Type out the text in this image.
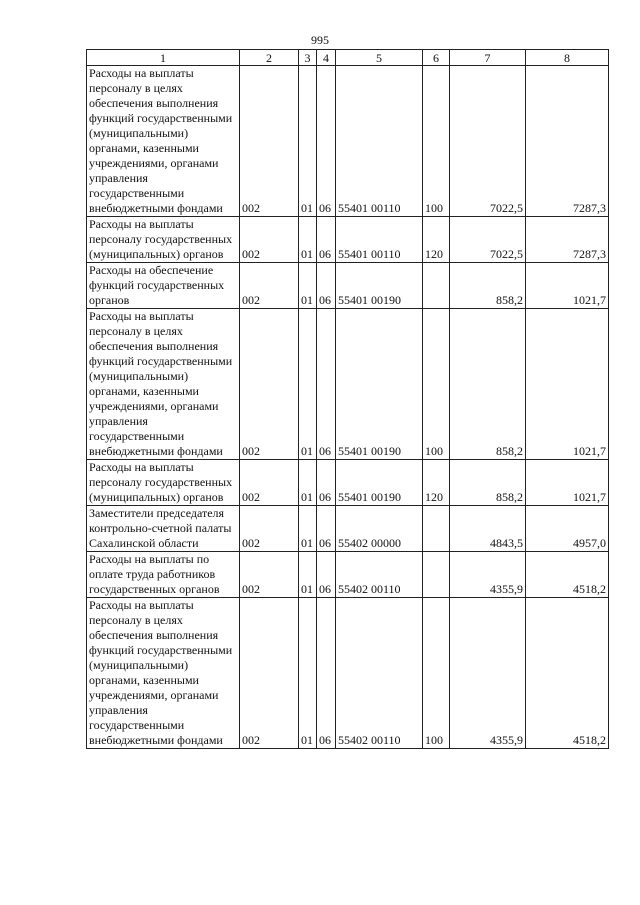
995
1	2	3	4	5	6	7	8
Расходы на выплаты персоналу в целях обеспечения выполнения функций государственными (муниципальными) органами, казенными учреждениями, органами управления государственными внебюджетными фондами	002	01	06	55401 00110	100	7022,5	7287,3
Расходы на выплаты персоналу государственных (муниципальных) органов	002	01	06	55401 00110	120	7022,5	7287,3
Расходы на обеспечение функций государственных органов	002	01	06	55401 00190		858,2	1021,7
Расходы на выплаты персоналу в целях обеспечения выполнения функций государственными (муниципальными) органами, казенными учреждениями, органами управления государственными внебюджетными фондами	002	01	06	55401 00190	100	858,2	1021,7
Расходы на выплаты персоналу государственных (муниципальных) органов	002	01	06	55401 00190	120	858,2	1021,7
Заместители председателя контрольно-счетной палаты Сахалинской области	002	01	06	55402 00000		4843,5	4957,0
Расходы на выплаты по оплате труда работников государственных органов	002	01	06	55402 00110		4355,9	4518,2
Расходы на выплаты персоналу в целях обеспечения выполнения функций государственными (муниципальными) органами, казенными учреждениями, органами управления государственными внебюджетными фондами	002	01	06	55402 00110	100	4355,9	4518,2
